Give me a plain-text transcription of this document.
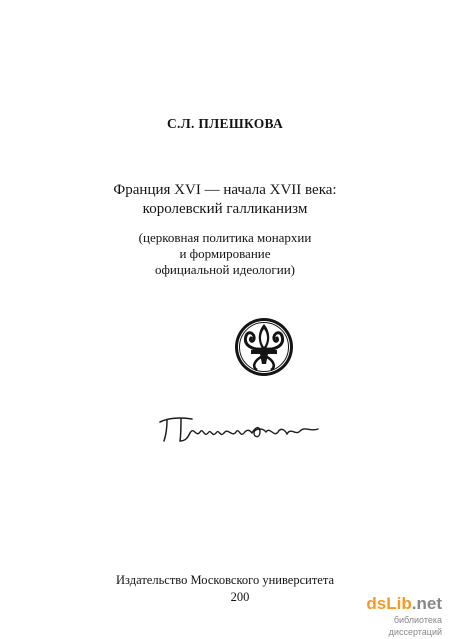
С.Л. ПЛЕШКОВА
Франция XVI — начала XVII века:
королевский галликанизм
(церковная политика монархии
и формирование
официальной идеологии)
Издательство Московского университета
200	dsLib.net
библиотека диссертаций
